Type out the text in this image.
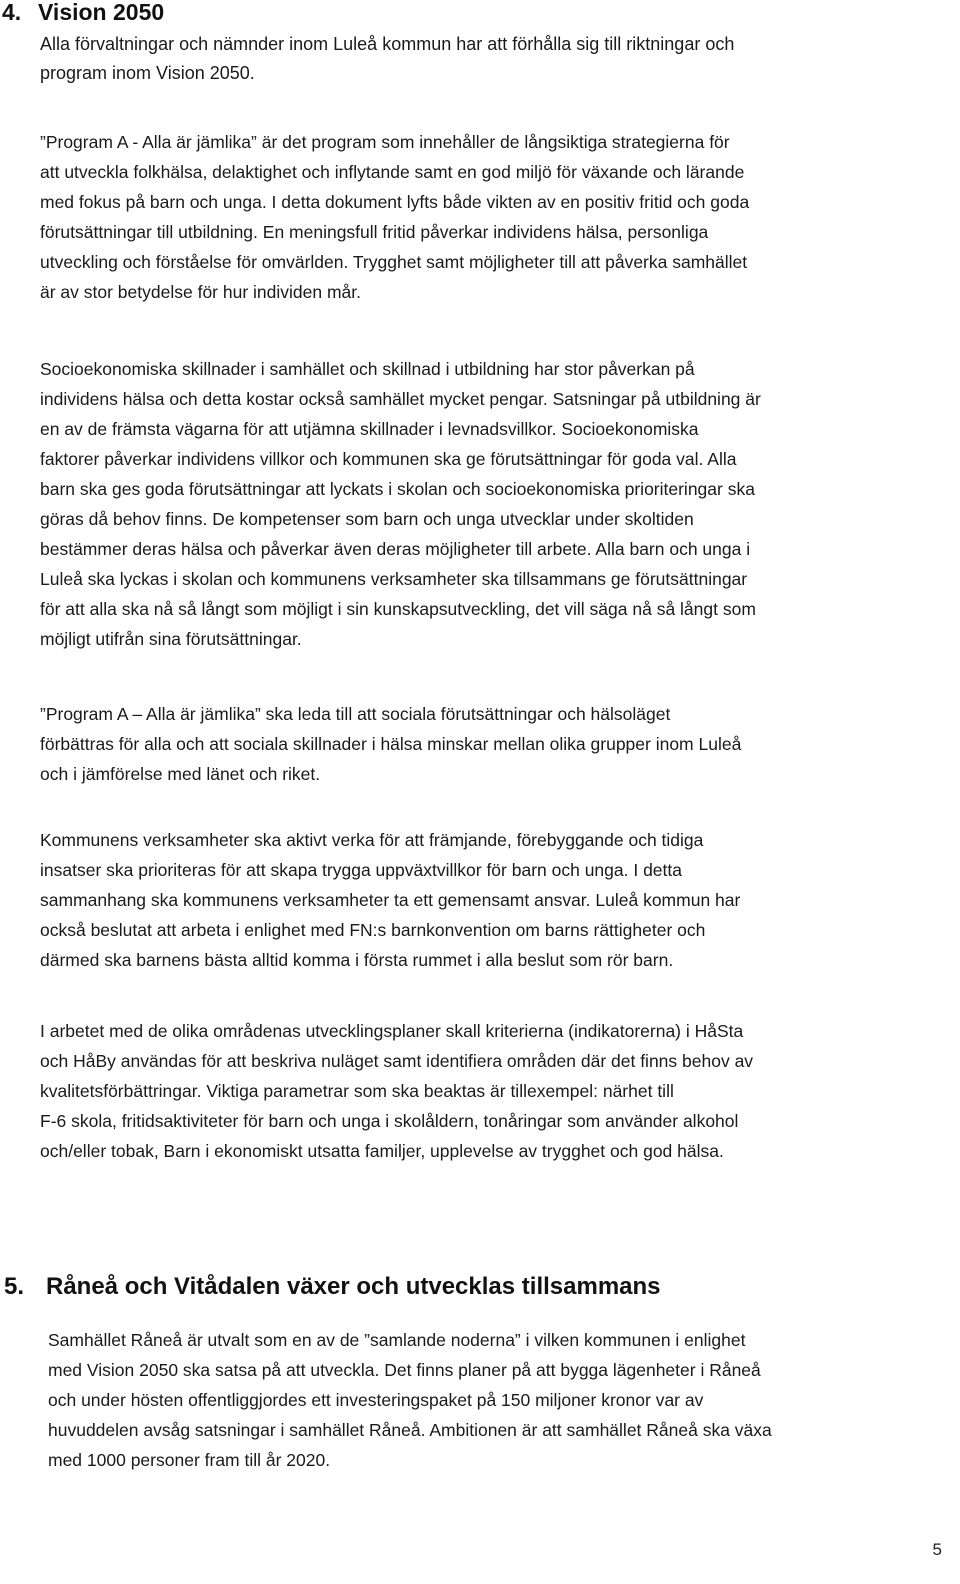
4. Vision 2050

Alla förvaltningar och nämnder inom Luleå kommun har att förhålla sig till riktningar och
program inom Vision 2050.

”Program A - Alla är jämlika” är det program som innehåller de långsiktiga strategierna för
att utveckla folkhälsa, delaktighet och inflytande samt en god miljö för växande och lärande
med fokus på barn och unga. I detta dokument lyfts både vikten av en positiv fritid och goda
förutsättningar till utbildning. En meningsfull fritid påverkar individens hälsa, personliga
utveckling och förståelse för omvärlden. Trygghet samt möjligheter till att påverka samhället
är av stor betydelse för hur individen mår.

Socioekonomiska skillnader i samhället och skillnad i utbildning har stor påverkan på
individens hälsa och detta kostar också samhället mycket pengar. Satsningar på utbildning är
en av de främsta vägarna för att utjämna skillnader i levnadsvillkor. Socioekonomiska
faktorer påverkar individens villkor och kommunen ska ge förutsättningar för goda val. Alla
barn ska ges goda förutsättningar att lyckats i skolan och socioekonomiska prioriteringar ska
göras då behov finns. De kompetenser som barn och unga utvecklar under skoltiden
bestämmer deras hälsa och påverkar även deras möjligheter till arbete. Alla barn och unga i
Luleå ska lyckas i skolan och kommunens verksamheter ska tillsammans ge förutsättningar
för att alla ska nå så långt som möjligt i sin kunskapsutveckling, det vill säga nå så långt som
möjligt utifrån sina förutsättningar.

”Program A – Alla är jämlika” ska leda till att sociala förutsättningar och hälsoläget
förbättras för alla och att sociala skillnader i hälsa minskar mellan olika grupper inom Luleå
och i jämförelse med länet och riket.

Kommunens verksamheter ska aktivt verka för att främjande, förebyggande och tidiga
insatser ska prioriteras för att skapa trygga uppväxtvillkor för barn och unga. I detta
sammanhang ska kommunens verksamheter ta ett gemensamt ansvar. Luleå kommun har
också beslutat att arbeta i enlighet med FN:s barnkonvention om barns rättigheter och
därmed ska barnens bästa alltid komma i första rummet i alla beslut som rör barn.

I arbetet med de olika områdenas utvecklingsplaner skall kriterierna (indikatorerna) i HåSta
och HåBy användas för att beskriva nuläget samt identifiera områden där det finns behov av
kvalitetsförbättringar. Viktiga parametrar som ska beaktas är tillexempel: närhet till
F-6 skola, fritidsaktiviteter för barn och unga i skolåldern, tonåringar som använder alkohol
och/eller tobak, Barn i ekonomiskt utsatta familjer, upplevelse av trygghet och god hälsa.

5. Råneå och Vitådalen växer och utvecklas tillsammans

Samhället Råneå är utvalt som en av de ”samlande noderna” i vilken kommunen i enlighet
med Vision 2050 ska satsa på att utveckla. Det finns planer på att bygga lägenheter i Råneå
och under hösten offentliggjordes ett investeringspaket på 150 miljoner kronor var av
huvuddelen avsåg satsningar i samhället Råneå. Ambitionen är att samhället Råneå ska växa
med 1000 personer fram till år 2020.

5
